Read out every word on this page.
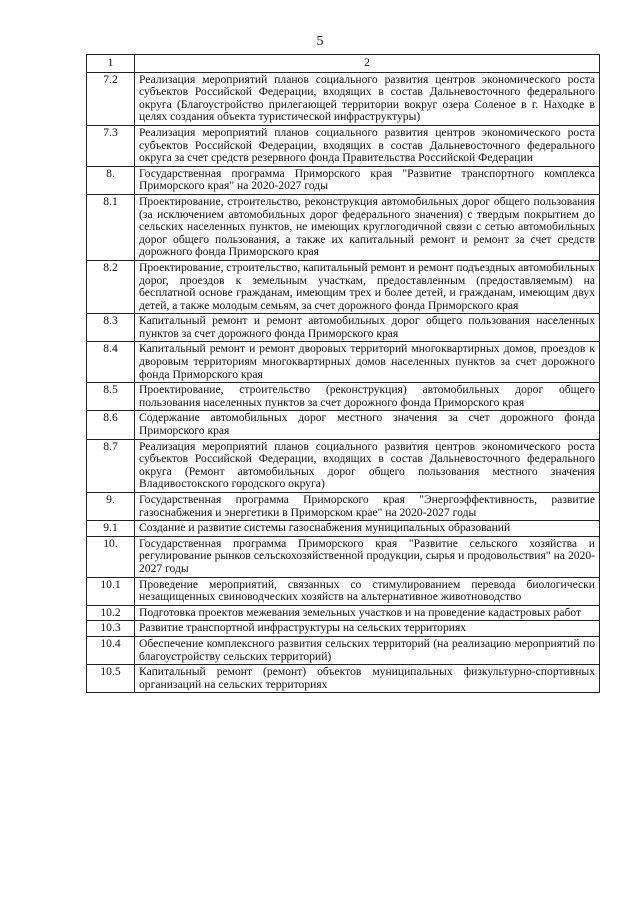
5
1	2
7.2	Реализация мероприятий планов социального развития центров экономического роста субъектов Российской Федерации, входящих в состав Дальневосточного федерального округа (Благоустройство прилегающей территории вокруг озера Соленое в г. Находке в целях создания объекта туристической инфраструктуры)
7.3	Реализация мероприятий планов социального развития центров экономического роста субъектов Российской Федерации, входящих в состав Дальневосточного федерального округа за счет средств резервного фонда Правительства Российской Федерации
8.	Государственная программа Приморского края "Развитие транспортного комплекса Приморского края" на 2020-2027 годы
8.1	Проектирование, строительство, реконструкция автомобильных дорог общего пользования (за исключением автомобильных дорог федерального значения) с твердым покрытием до сельских населенных пунктов, не имеющих круглогодичной связи с сетью автомобильных дорог общего пользования, а также их капитальный ремонт и ремонт за счет средств дорожного фонда Приморского края
8.2	Проектирование, строительство, капитальный ремонт и ремонт подъездных автомобильных дорог, проездов к земельным участкам, предоставленным (предоставляемым) на бесплатной основе гражданам, имеющим трех и более детей, и гражданам, имеющим двух детей, а также молодым семьям, за счет дорожного фонда Приморского края
8.3	Капитальный ремонт и ремонт автомобильных дорог общего пользования населенных пунктов за счет дорожного фонда Приморского края
8.4	Капитальный ремонт и ремонт дворовых территорий многоквартирных домов, проездов к дворовым территориям многоквартирных домов населенных пунктов за счет дорожного фонда Приморского края
8.5	Проектирование, строительство (реконструкция) автомобильных дорог общего пользования населенных пунктов за счет дорожного фонда Приморского края
8.6	Содержание автомобильных дорог местного значения за счет дорожного фонда Приморского края
8.7	Реализация мероприятий планов социального развития центров экономического роста субъектов Российской Федерации, входящих в состав Дальневосточного федерального округа (Ремонт автомобильных дорог общего пользования местного значения Владивостокского городского округа)
9.	Государственная программа Приморского края "Энергоэффективность, развитие газоснабжения и энергетики в Приморском крае" на 2020-2027 годы
9.1	Создание и развитие системы газоснабжения муниципальных образований
10.	Государственная программа Приморского края "Развитие сельского хозяйства и регулирование рынков сельскохозяйственной продукции, сырья и продовольствия" на 2020-2027 годы
10.1	Проведение мероприятий, связанных со стимулированием перевода биологически незащищенных свиноводческих хозяйств на альтернативное животноводство
10.2	Подготовка проектов межевания земельных участков и на проведение кадастровых работ
10.3	Развитие транспортной инфраструктуры на сельских территориях
10.4	Обеспечение комплексного развития сельских территорий (на реализацию мероприятий по благоустройству сельских территорий)
10.5	Капитальный ремонт (ремонт) объектов муниципальных физкультурно-спортивных организаций на сельских территориях
